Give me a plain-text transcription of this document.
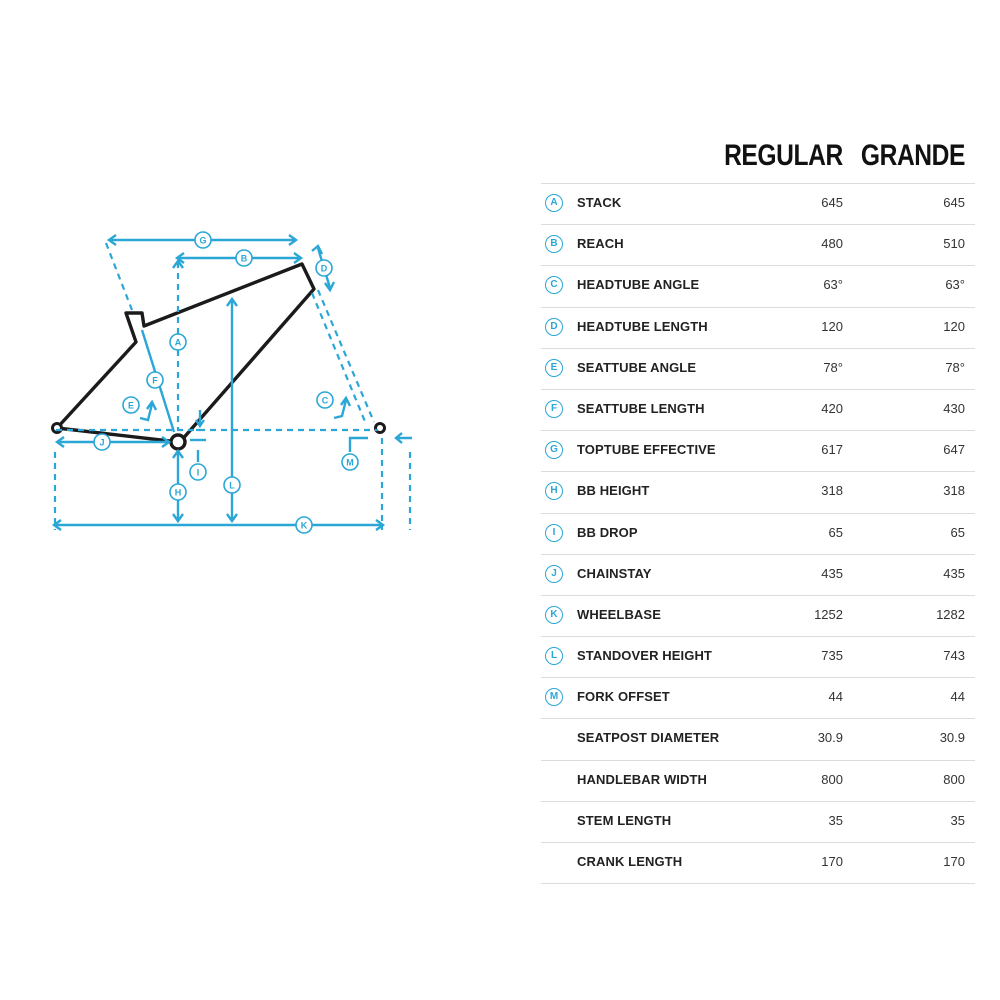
G
B
D
A
F
E	C
J
I
H
L
M
K
REGULAR GRANDE
A	STACK	645	645
B	REACH	480	510
C	HEADTUBE ANGLE	63°	63°
D	HEADTUBE LENGTH	120	120
E	SEATTUBE ANGLE	78°	78°
F	SEATTUBE LENGTH	420	430
G	TOPTUBE EFFECTIVE	617	647
H	BB HEIGHT	318	318
I	BB DROP	65	65
J	CHAINSTAY	435	435
K	WHEELBASE	1252	1282
L	STANDOVER HEIGHT	735	743
M	FORK OFFSET	44	44
SEATPOST DIAMETER	30.9	30.9
HANDLEBAR WIDTH	800	800
STEM LENGTH	35	35
CRANK LENGTH	170	170
